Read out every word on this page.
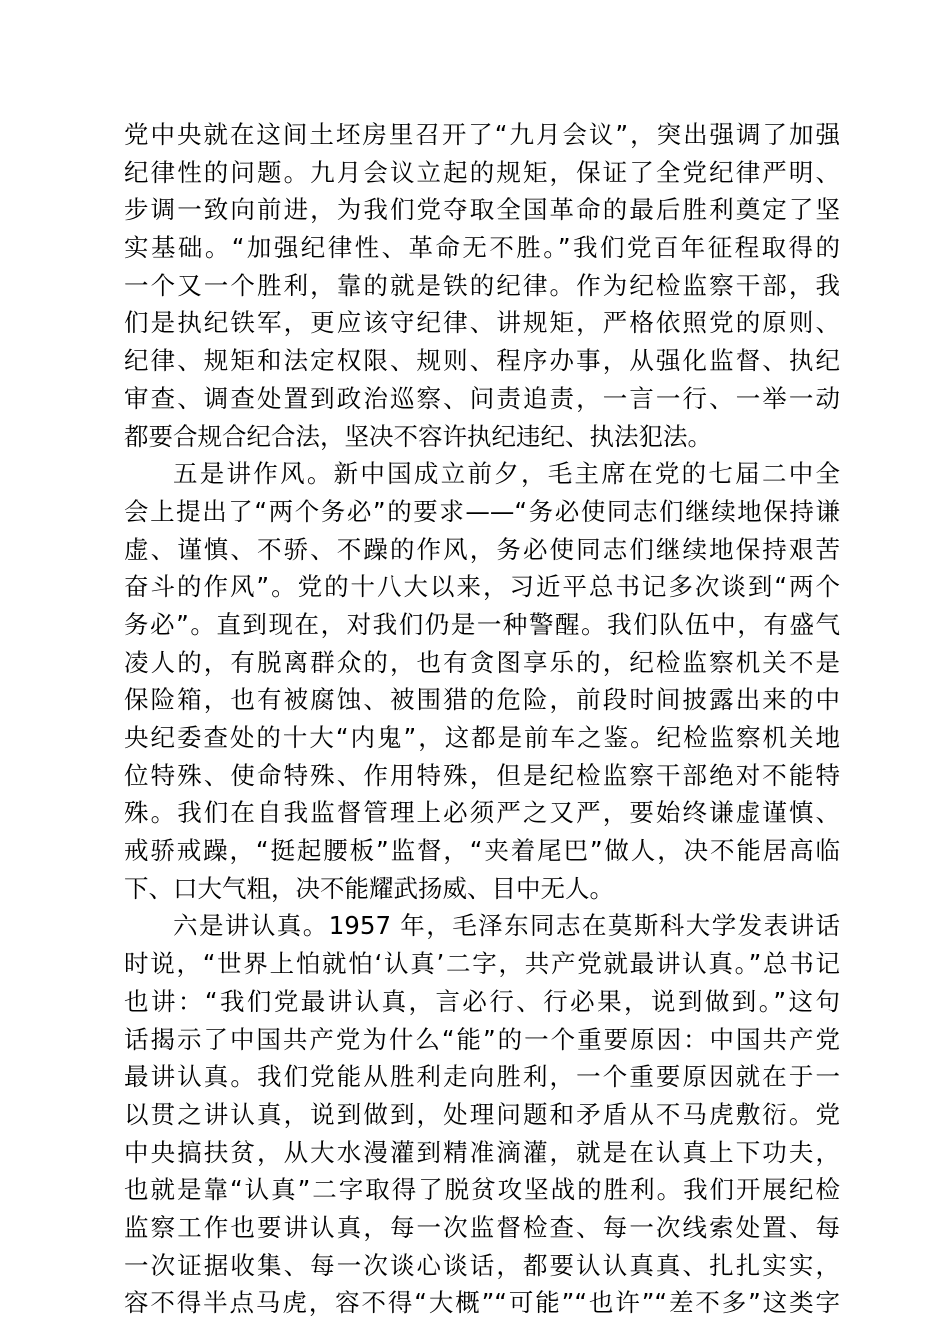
党中央就在这间土坯房里召开了“九月会议”，突出强调了加强
纪律性的问题。九月会议立起的规矩，保证了全党纪律严明、
步调一致向前进，为我们党夺取全国革命的最后胜利奠定了坚
实基础。“加强纪律性、革命无不胜。”我们党百年征程取得的
一个又一个胜利，靠的就是铁的纪律。作为纪检监察干部，我
们是执纪铁军，更应该守纪律、讲规矩，严格依照党的原则、
纪律、规矩和法定权限、规则、程序办事，从强化监督、执纪
审查、调查处置到政治巡察、问责追责，一言一行、一举一动
都要合规合纪合法，坚决不容许执纪违纪、执法犯法。
五是讲作风。新中国成立前夕，毛主席在党的七届二中全
会上提出了“两个务必”的要求——“务必使同志们继续地保持谦
虚、谨慎、不骄、不躁的作风，务必使同志们继续地保持艰苦
奋斗的作风”。党的十八大以来，习近平总书记多次谈到“两个
务必”。直到现在，对我们仍是一种警醒。我们队伍中，有盛气
凌人的，有脱离群众的，也有贪图享乐的，纪检监察机关不是
保险箱，也有被腐蚀、被围猎的危险，前段时间披露出来的中
央纪委查处的十大“内鬼”，这都是前车之鉴。纪检监察机关地
位特殊、使命特殊、作用特殊，但是纪检监察干部绝对不能特
殊。我们在自我监督管理上必须严之又严，要始终谦虚谨慎、
戒骄戒躁，“挺起腰板”监督，“夹着尾巴”做人，决不能居高临
下、口大气粗，决不能耀武扬威、目中无人。
六是讲认真。1957 年，毛泽东同志在莫斯科大学发表讲话
时说，“世界上怕就怕‘认真’二字，共产党就最讲认真。”总书记
也讲：“我们党最讲认真，言必行、行必果，说到做到。”这句
话揭示了中国共产党为什么“能”的一个重要原因：中国共产党
最讲认真。我们党能从胜利走向胜利，一个重要原因就在于一
以贯之讲认真，说到做到，处理问题和矛盾从不马虎敷衍。党
中央搞扶贫，从大水漫灌到精准滴灌，就是在认真上下功夫，
也就是靠“认真”二字取得了脱贫攻坚战的胜利。我们开展纪检
监察工作也要讲认真，每一次监督检查、每一次线索处置、每
一次证据收集、每一次谈心谈话，都要认认真真、扎扎实实，
容不得半点马虎，容不得“大概”“可能”“也许”“差不多”这类字
